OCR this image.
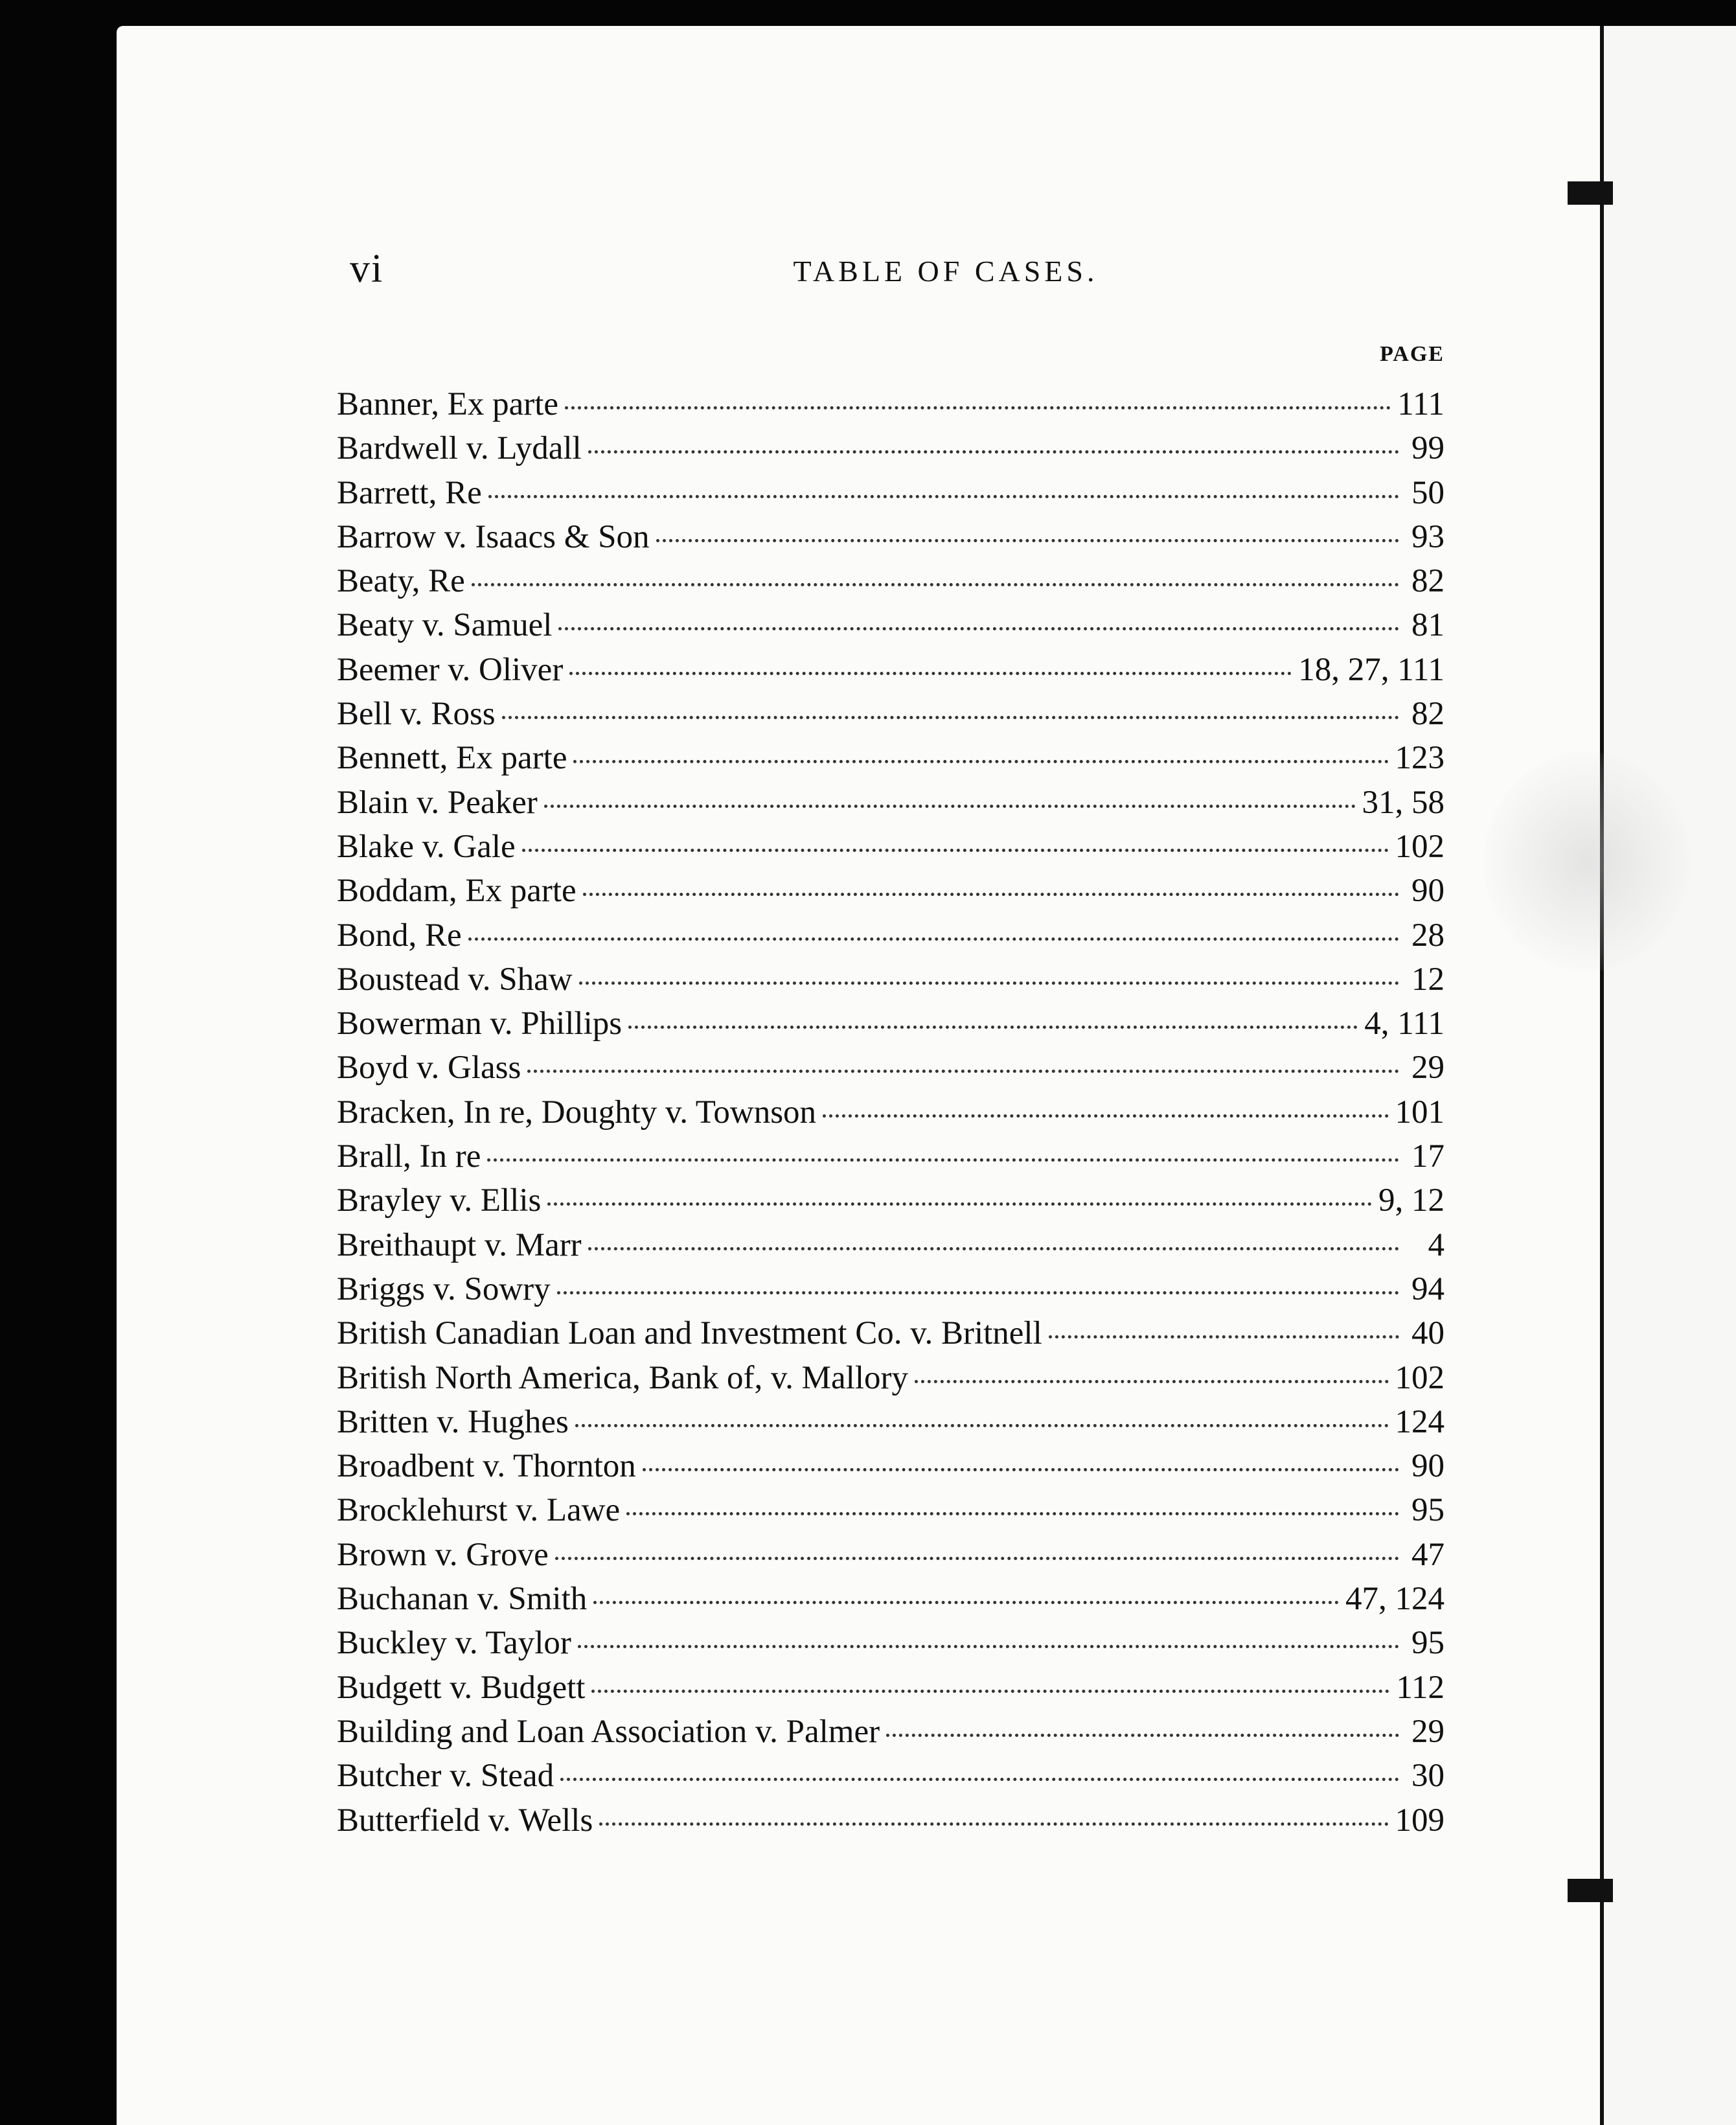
vi	TABLE OF CASES.
PAGE
Banner, Ex parte	111
Bardwell v. Lydall	99
Barrett, Re	50
Barrow v. Isaacs & Son	93
Beaty, Re	82
Beaty v. Samuel	81
Beemer v. Oliver	18, 27, 111
Bell v. Ross	82
Bennett, Ex parte	123
Blain v. Peaker	31, 58
Blake v. Gale	102
Boddam, Ex parte	90
Bond, Re	28
Boustead v. Shaw	12
Bowerman v. Phillips	4, 111
Boyd v. Glass	29
Bracken, In re, Doughty v. Townson	101
Brall, In re	17
Brayley v. Ellis	9, 12
Breithaupt v. Marr	4
Briggs v. Sowry	94
British Canadian Loan and Investment Co. v. Britnell	40
British North America, Bank of, v. Mallory	102
Britten v. Hughes	124
Broadbent v. Thornton	90
Brocklehurst v. Lawe	95
Brown v. Grove	47
Buchanan v. Smith	47, 124
Buckley v. Taylor	95
Budgett v. Budgett	112
Building and Loan Association v. Palmer	29
Butcher v. Stead	30
Butterfield v. Wells	109
